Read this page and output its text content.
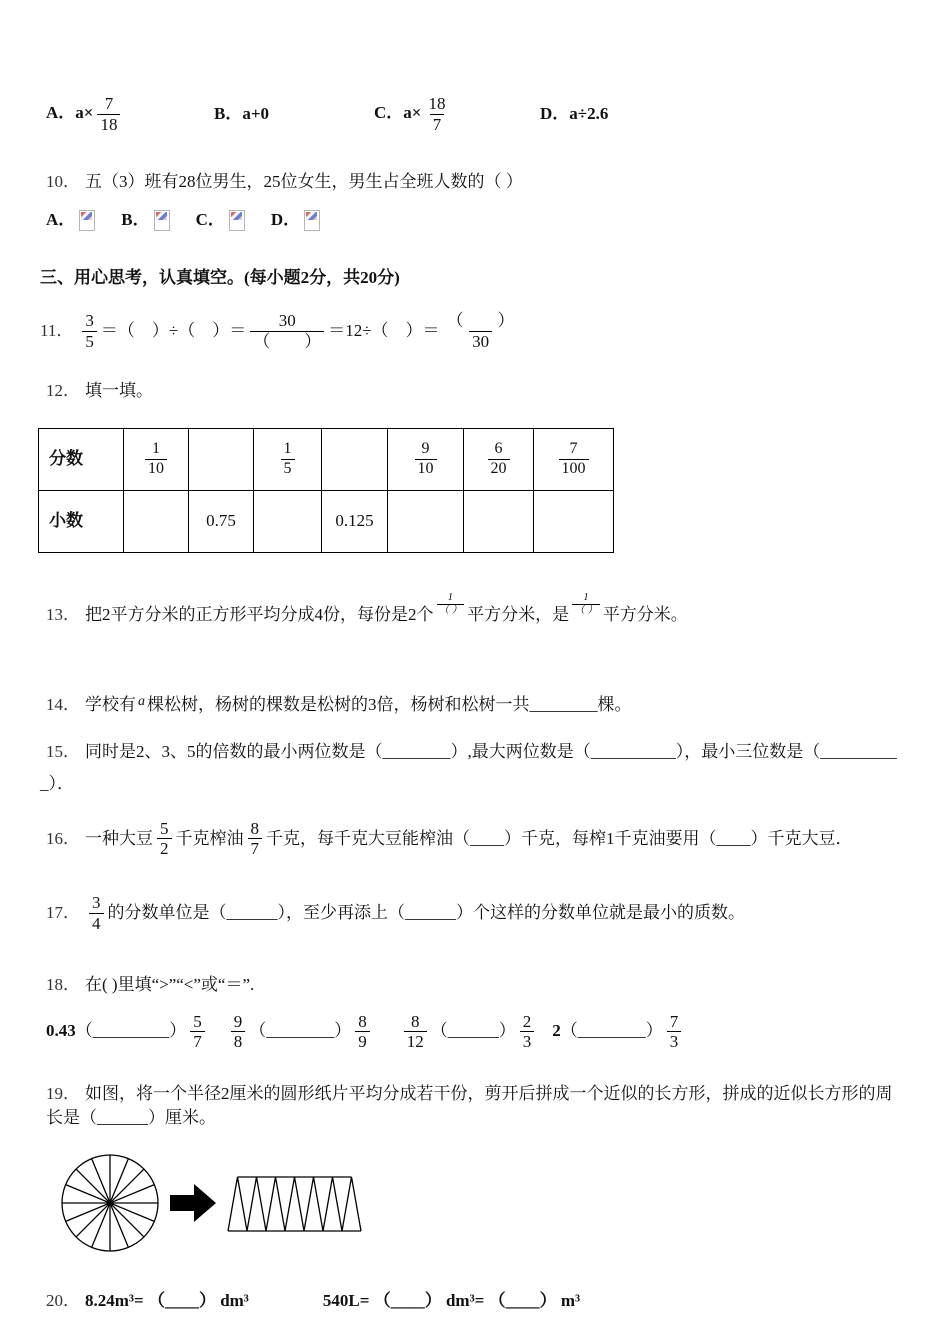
A．$a\times \frac{7}{18}$	B．a+0	C．$a\times \frac{18}{7}$	D．a÷2.6
10． 五（3）班有28位男生，25位女生，男生占全班人数的（ ）
A．	B．	C．	D．
三、用心思考，认真填空。(每小题2分，共20分)
11． $\frac{3}{5}$ ＝（　）÷（　）＝ $\frac{30}{( )} =12\div$（　）＝ $\frac{( )}{30}$
12． 填一填。
分数	$\frac{1}{10}$		$\frac{1}{5}$		$\frac{9}{10}$	$\frac{6}{20}$	$\frac{7}{100}$

小数		0.75		0.125			
13． 把2平方分米的正方形平均分成4份，每份是2个
1
（ ） 平方分米，是
1
（ ） 平方分米。
14． 学校有 $^a$ 棵松树，杨树的棵数是松树的3倍，杨树和松树一共________棵。
15． 同时是2、3、5的倍数的最小两位数是（________）,最大两位数是（__________），最小三位数是（_________
_）．
16． 一种大豆 $\frac{5}{2}$ 千克榨油 $\frac{8}{7}$ 千克，每千克大豆能榨油（____）千克，每榨1千克油要用（____）千克大豆．
17． $\frac{3}{4}$ 的分数单位是（______），至少再添上（______）个这样的分数单位就是最小的质数。
18． 在( )里填“>”“<”或“＝”.
0.43 （_________） $\frac{5}{7} \frac{9}{8}$ （________） $\frac{8}{9} \frac{8}{12}$ （______） $\frac{2}{3} 2$ （________） $\frac{7}{3}$
19． 如图，将一个半径2厘米的圆形纸片平均分成若干份，剪开后拼成一个近似的长方形，拼成的近似长方形的周长是（______）厘米。
20． 8.24m³= （____） dm³	540L= （____） dm³= （____） m³
